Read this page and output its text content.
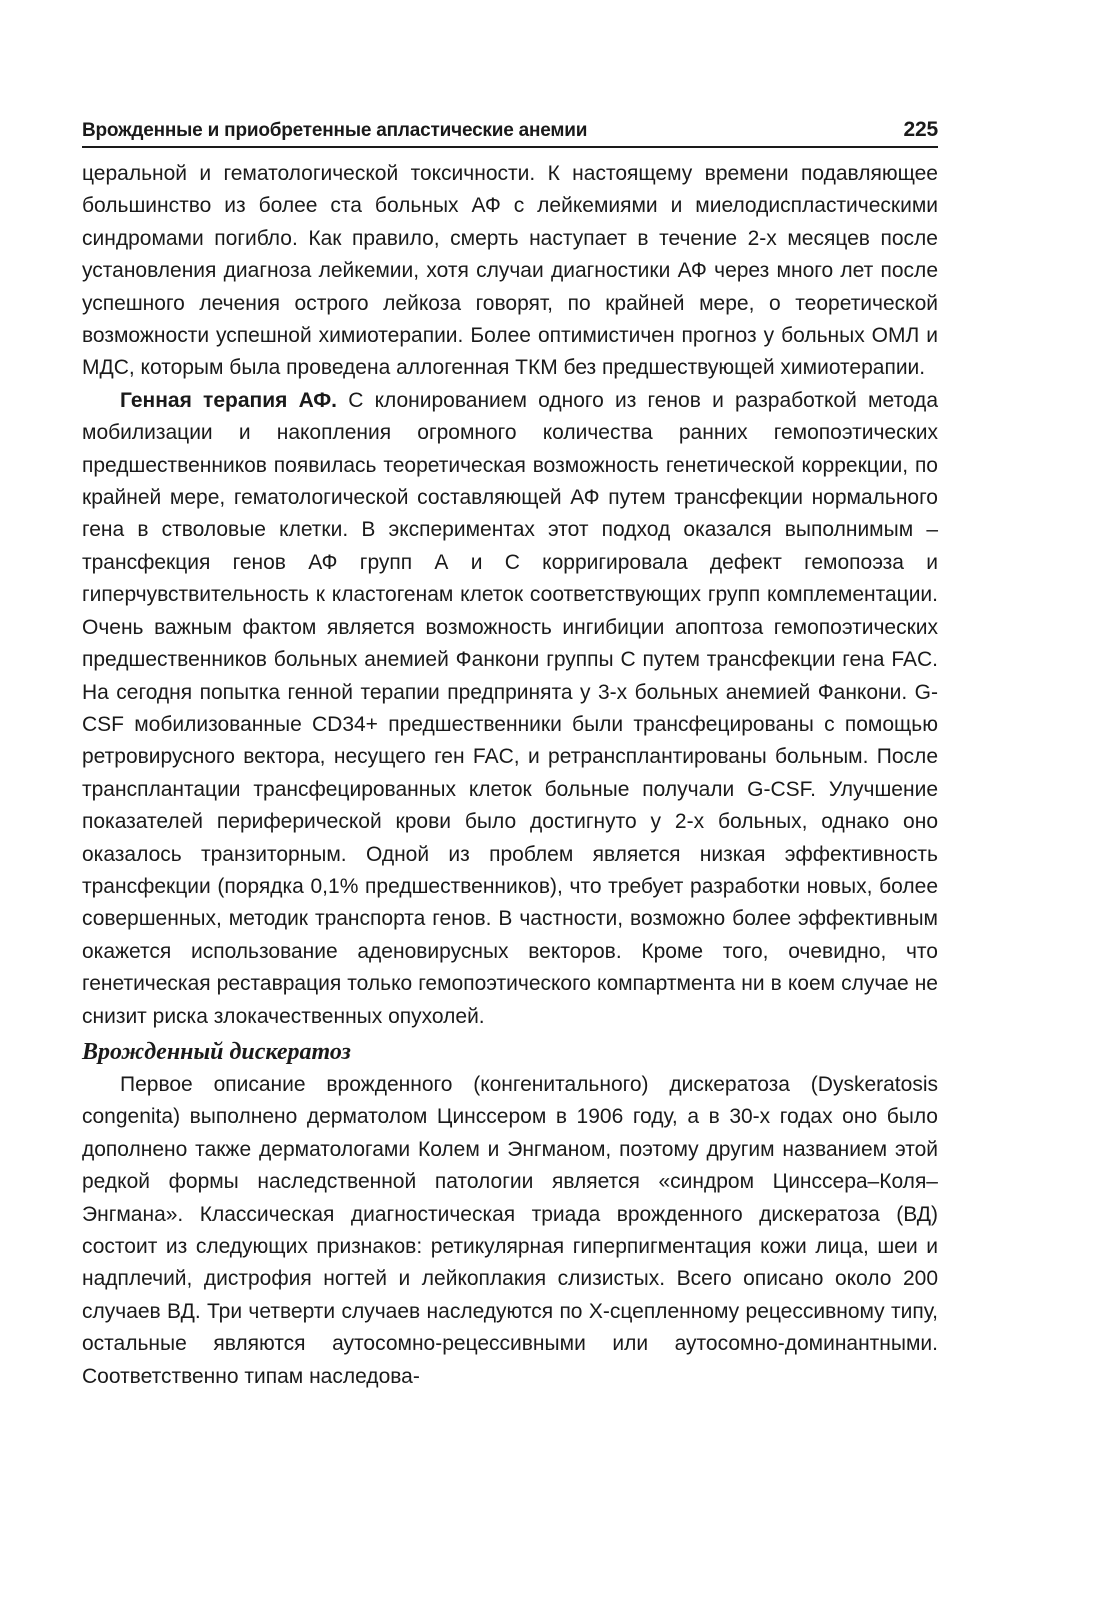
Врожденные и приобретенные апластические анемии	225

церальной и гематологической токсичности. К настоящему времени подавляющее большинство из более ста больных АФ с лейкемиями и миелодиспластическими синдромами погибло. Как правило, смерть наступает в течение 2-х месяцев после установления диагноза лейкемии, хотя случаи диагностики АФ через много лет после успешного лечения острого лейкоза говорят, по крайней мере, о теоретической возможности успешной химиотерапии. Более оптимистичен прогноз у больных ОМЛ и МДС, которым была проведена аллогенная ТКМ без предшествующей химиотерапии.

Генная терапия АФ. С клонированием одного из генов и разработкой метода мобилизации и накопления огромного количества ранних гемопоэтических предшественников появилась теоретическая возможность генетической коррекции, по крайней мере, гематологической составляющей АФ путем трансфекции нормального гена в стволовые клетки. В экспериментах этот подход оказался выполнимым – трансфекция генов АФ групп А и С корригировала дефект гемопоэза и гиперчувствительность к кластогенам клеток соответствующих групп комплементации. Очень важным фактом является возможность ингибиции апоптоза гемопоэтических предшественников больных анемией Фанкони группы С путем трансфекции гена FAC. На сегодня попытка генной терапии предпринята у 3-х больных анемией Фанкони. G-CSF мобилизованные CD34+ предшественники были трансфецированы с помощью ретровирусного вектора, несущего ген FAC, и ретрансплантированы больным. После трансплантации трансфецированных клеток больные получали G-CSF. Улучшение показателей периферической крови было достигнуто у 2-х больных, однако оно оказалось транзиторным. Одной из проблем является низкая эффективность трансфекции (порядка 0,1% предшественников), что требует разработки новых, более совершенных, методик транспорта генов. В частности, возможно более эффективным окажется использование аденовирусных векторов. Кроме того, очевидно, что генетическая реставрация только гемопоэтического компартмента ни в коем случае не снизит риска злокачественных опухолей.

Врожденный дискератоз

Первое описание врожденного (конгенитального) дискератоза (Dyskeratosis congenita) выполнено дерматолом Цинссером в 1906 году, а в 30-х годах оно было дополнено также дерматологами Колем и Энгманом, поэтому другим названием этой редкой формы наследственной патологии является «синдром Цинссера–Коля–Энгмана». Классическая диагностическая триада врожденного дискератоза (ВД) состоит из следующих признаков: ретикулярная гиперпигментация кожи лица, шеи и надплечий, дистрофия ногтей и лейкоплакия слизистых. Всего описано около 200 случаев ВД. Три четверти случаев наследуются по Х-сцепленному рецессивному типу, остальные являются аутосомно-рецессивными или аутосомно-доминантными. Соответственно типам наследова-
